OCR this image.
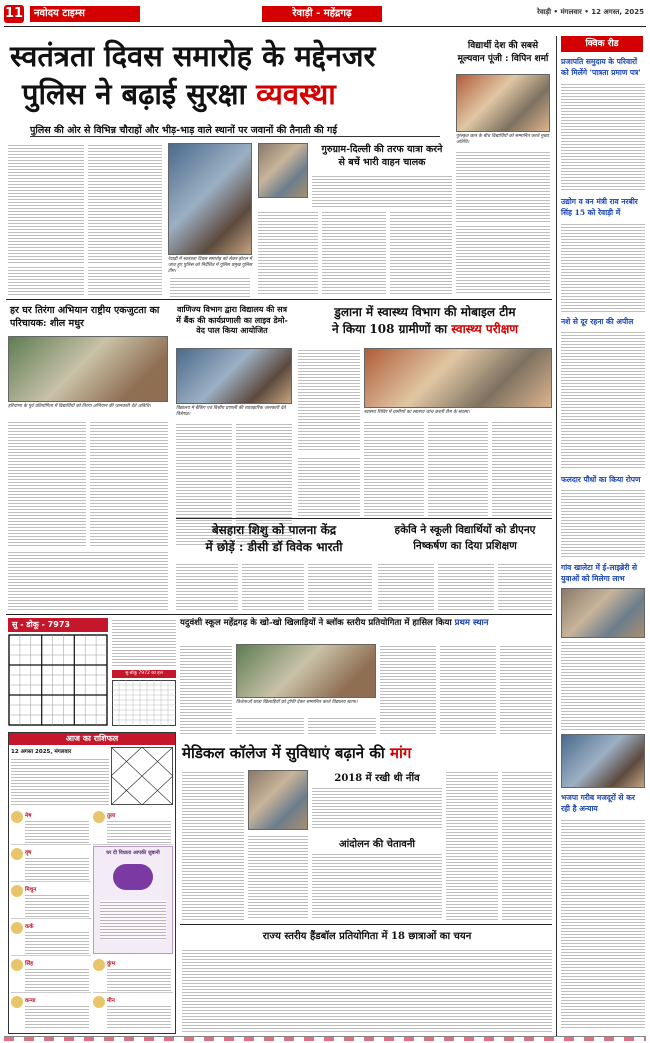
11	नवोदय टाइम्स	रेवाड़ी - महेंद्रगढ़	रेवाड़ी • मंगलवार • 12 अगस्त, 2025
स्वतंत्रता दिवस समारोह के मद्देनजर
पुलिस ने बढ़ाई सुरक्षा व्यवस्था
पुलिस की ओर से विभिन्न चौराहों और भीड़-भाड़ वाले स्थानों पर जवानों की तैनाती की गई
रेवाड़ी में स्वतंत्रता दिवस समारोह को लेकर होटल में जांच हुए पुलिस को निर्देशित में पुलिस प्रमुख पुलिस टीम।
विद्यार्थी देश की सबसे मूल्यवान पूंजी : विपिन शर्मा
पुरस्कृत छात्र के बीच विद्यार्थियों को सम्मानित करते मुख्य अतिथि।
गुरुग्राम-दिल्ली की तरफ यात्रा करने
से बचें भारी वाहन चालक
हर घर तिरंगा अभियान राष्ट्रीय एकजुटता का परिचायक: शील मधुर
हरियाणा के पूर्व प्रतियोगिता में विद्यार्थियों को तिरंगा अभियान की जानकारी देते अतिथि।
वाणिज्य विभाग द्वारा विद्यालय की सत्र में बैंक की कार्यप्रणाली का लाइव डेमो-वेद पाल किया आयोजित
विद्यालय में बैंकिंग एवं वित्तीय प्रणाली की व्यावहारिक जानकारी देते विशेषज्ञ।
डुलाना में स्वास्थ्य विभाग की मोबाइल टीम
ने किया 108 ग्रामीणों का स्वास्थ्य परीक्षण
स्वास्थ्य शिविर में ग्रामीणों का स्वास्थ्य जांच करती टीम के सदस्य।
बेसहारा शिशु को पालना केंद्र
में छोड़ें : डीसी डॉ विवेक भारती
हकेवि ने स्कूली विद्यार्थियों को डीएनए निष्कर्षण का दिया प्रशिक्षण
सु - डोकू - 7973
सु-डोकू 7972 का हल
यदुवंशी स्कूल महेंद्रगढ़ के खो-खो खिलाड़ियों ने ब्लॉक स्तरीय प्रतियोगिता में हासिल किया प्रथम स्थान
विजेताओं छात्रा खिलाड़ियों को ट्रॉफी देकर सम्मानित करते विद्यालय स्टाफ।
आज का राशिफल
12 अगस्त 2025, मंगलवार
मेष	तुला
वृष	घर दी विधाता आपकी जुबानी
मिथुन
कर्क
सिंह	कुंभ
कन्या	मीन
मेडिकल कॉलेज में सुविधाएं बढ़ाने की मांग
2018 में रखी थी नींव
आंदोलन की चेतावनी
राज्य स्तरीय हैंडबॉल प्रतियोगिता में 18 छात्राओं का चयन
क्विक रीड
प्रजापति समुदाय के परिवारों को मिलेंगे 'पात्रता प्रमाण पत्र'
उद्योग व वन मंत्री राव नरबीर सिंह 15 को रेवाड़ी में
नशे से दूर रहना की अपील
फलदार पौधों का किया रोपण
गांव खालेटा में ई-लाइब्रेरी से युवाओं को मिलेगा लाभ
भजपा गरीब मजदूरों से कर रही है अन्याय
